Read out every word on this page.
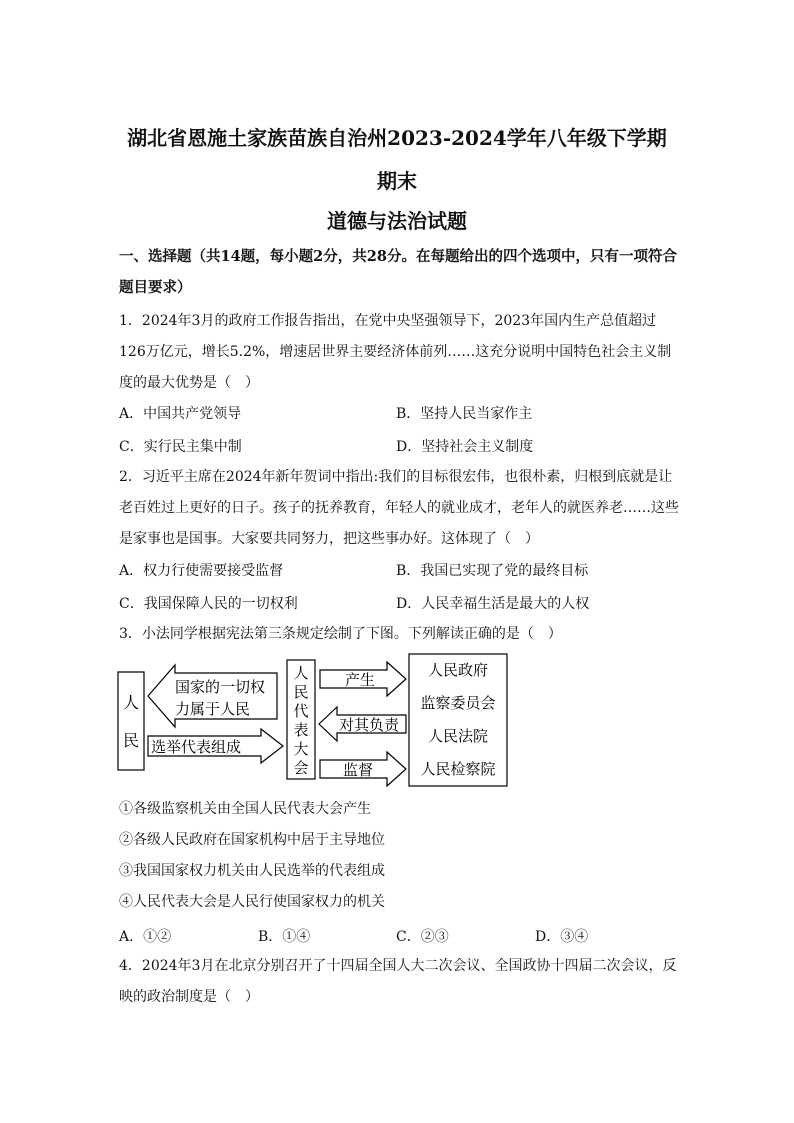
湖北省恩施土家族苗族自治州2023-2024学年八年级下学期
期末
道德与法治试题
一、选择题（共14题，每小题2分，共28分。在每题给出的四个选项中，只有一项符合题目要求）
1．2024年3月的政府工作报告指出，在党中央坚强领导下，2023年国内生产总值超过126万亿元，增长5.2%，增速居世界主要经济体前列……这充分说明中国特色社会主义制度的最大优势是（　）
A．中国共产党领导	B．坚持人民当家作主
C．实行民主集中制	D．坚持社会主义制度
2．习近平主席在2024年新年贺词中指出:我们的目标很宏伟，也很朴素，归根到底就是让老百姓过上更好的日子。孩子的抚养教育，年轻人的就业成才，老年人的就医养老……这些是家事也是国事。大家要共同努力，把这些事办好。这体现了（　）
A．权力行使需要接受监督	B．我国已实现了党的最终目标
C．我国保障人民的一切权利	D．人民幸福生活是最大的人权
3．小法同学根据宪法第三条规定绘制了下图。下列解读正确的是（　）
人
民
国家的一切权
力属于人民
选举代表组成
人
民
代
表
大
会
产生
对其负责
监督
人民政府
监察委员会
人民法院
人民检察院
①各级监察机关由全国人民代表大会产生
②各级人民政府在国家机构中居于主导地位
③我国国家权力机关由人民选举的代表组成
④人民代表大会是人民行使国家权力的机关
A．①②	B．①④	C．②③	D．③④
4．2024年3月在北京分别召开了十四届全国人大二次会议、全国政协十四届二次会议，反映的政治制度是（　）
